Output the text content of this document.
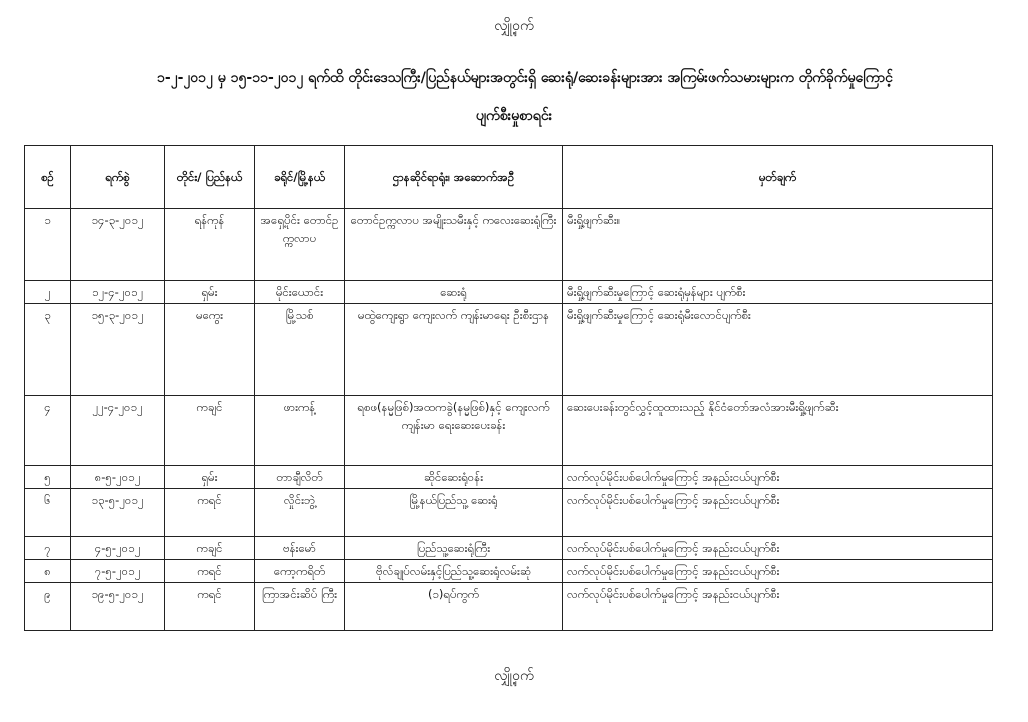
လျှို့ဝှက်
၁-၂-၂၀၁၂ မှ ၁၅-၁၁-၂၀၁၂ ရက်ထိ တိုင်းဒေသကြီး/ပြည်နယ်များအတွင်းရှိ ဆေးရုံ/ဆေးခန်းများအား အကြမ်းဖက်သမားများက တိုက်ခိုက်မှုကြောင့်
ပျက်စီးမှုစာရင်း
စဉ်	ရက်စွဲ	တိုင်း/ ပြည်နယ်	ခရိုင်/မြို့နယ်	ဌာနဆိုင်ရာရုံး၊ အဆောက်အဦ	မှတ်ချက်
၁	၁၄-၃-၂၀၁၂	ရန်ကုန်	အရှေ့ပိုင်း တောင်ဥက္ကလာပ	တောင်ဥက္ကလာပ အမျိုးသမီးနှင့် ကလေးဆေးရုံကြီး	မီးရှို့ဖျက်ဆီး။
၂	၁၂-၄-၂၀၁၂	ရှမ်း	မိုင်းယောင်း	ဆေးရုံ	မီးရှို့ဖျက်ဆီးမှုကြောင့် ဆေးရုံမှန်များ ပျက်စီး
၃	၁၅-၃-၂၀၁၂	မကွေး	မြို့သစ်	မထွဲကျေးရွာ ကျေးလက် ကျန်းမာရေး ဦးစီးဌာန	မီးရှို့ဖျက်ဆီးမှုကြောင့် ဆေးရုံမီးလောင်ပျက်စီး
၄	၂၂-၄-၂၀၁၂	ကချင်	ဖားကန့်	ရစဖ(နမ္မဖြစ်)အထကခွဲ(နမ္မဖြစ်)နှင့် ကျေးလက်ကျန်းမာ ရေးဆေးပေးခန်း	ဆေးပေးခန်းတွင်လွှင့်ထူထားသည့် နိုင်ငံတော်အလံအားမီးရှို့ဖျက်ဆီး
၅	၈-၅-၂၀၁၂	ရှမ်း	တာချီလိတ်	ဆိုင်ဆေးရုံဝန်း	လက်လုပ်မိုင်းပစ်ပေါက်မှုကြောင့် အနည်းငယ်ပျက်စီး
၆	၁၃-၅-၂၀၁၂	ကရင်	လှိုင်းဘွဲ့	မြို့နယ်ပြည်သူ့ ဆေးရုံ	လက်လုပ်မိုင်းပစ်ပေါက်မှုကြောင့် အနည်းငယ်ပျက်စီး
၇	၄-၅-၂၀၁၂	ကချင်	ဗန်းမော်	ပြည်သူ့ဆေးရုံကြီး	လက်လုပ်မိုင်းပစ်ပေါက်မှုကြောင့် အနည်းငယ်ပျက်စီး
၈	၇-၅-၂၀၁၂	ကရင်	ကော့ကရိတ်	ဗိုလ်ချုပ်လမ်းနှင့်ပြည်သူ့ဆေးရုံလမ်းဆုံ	လက်လုပ်မိုင်းပစ်ပေါက်မှုကြောင့် အနည်းငယ်ပျက်စီး
၉	၁၉-၅-၂၀၁၂	ကရင်	ကြာအင်းဆိပ် ကြီး	(၁)ရပ်ကွက်	လက်လုပ်မိုင်းပစ်ပေါက်မှုကြောင့် အနည်းငယ်ပျက်စီး
လျှို့ဝှက်
